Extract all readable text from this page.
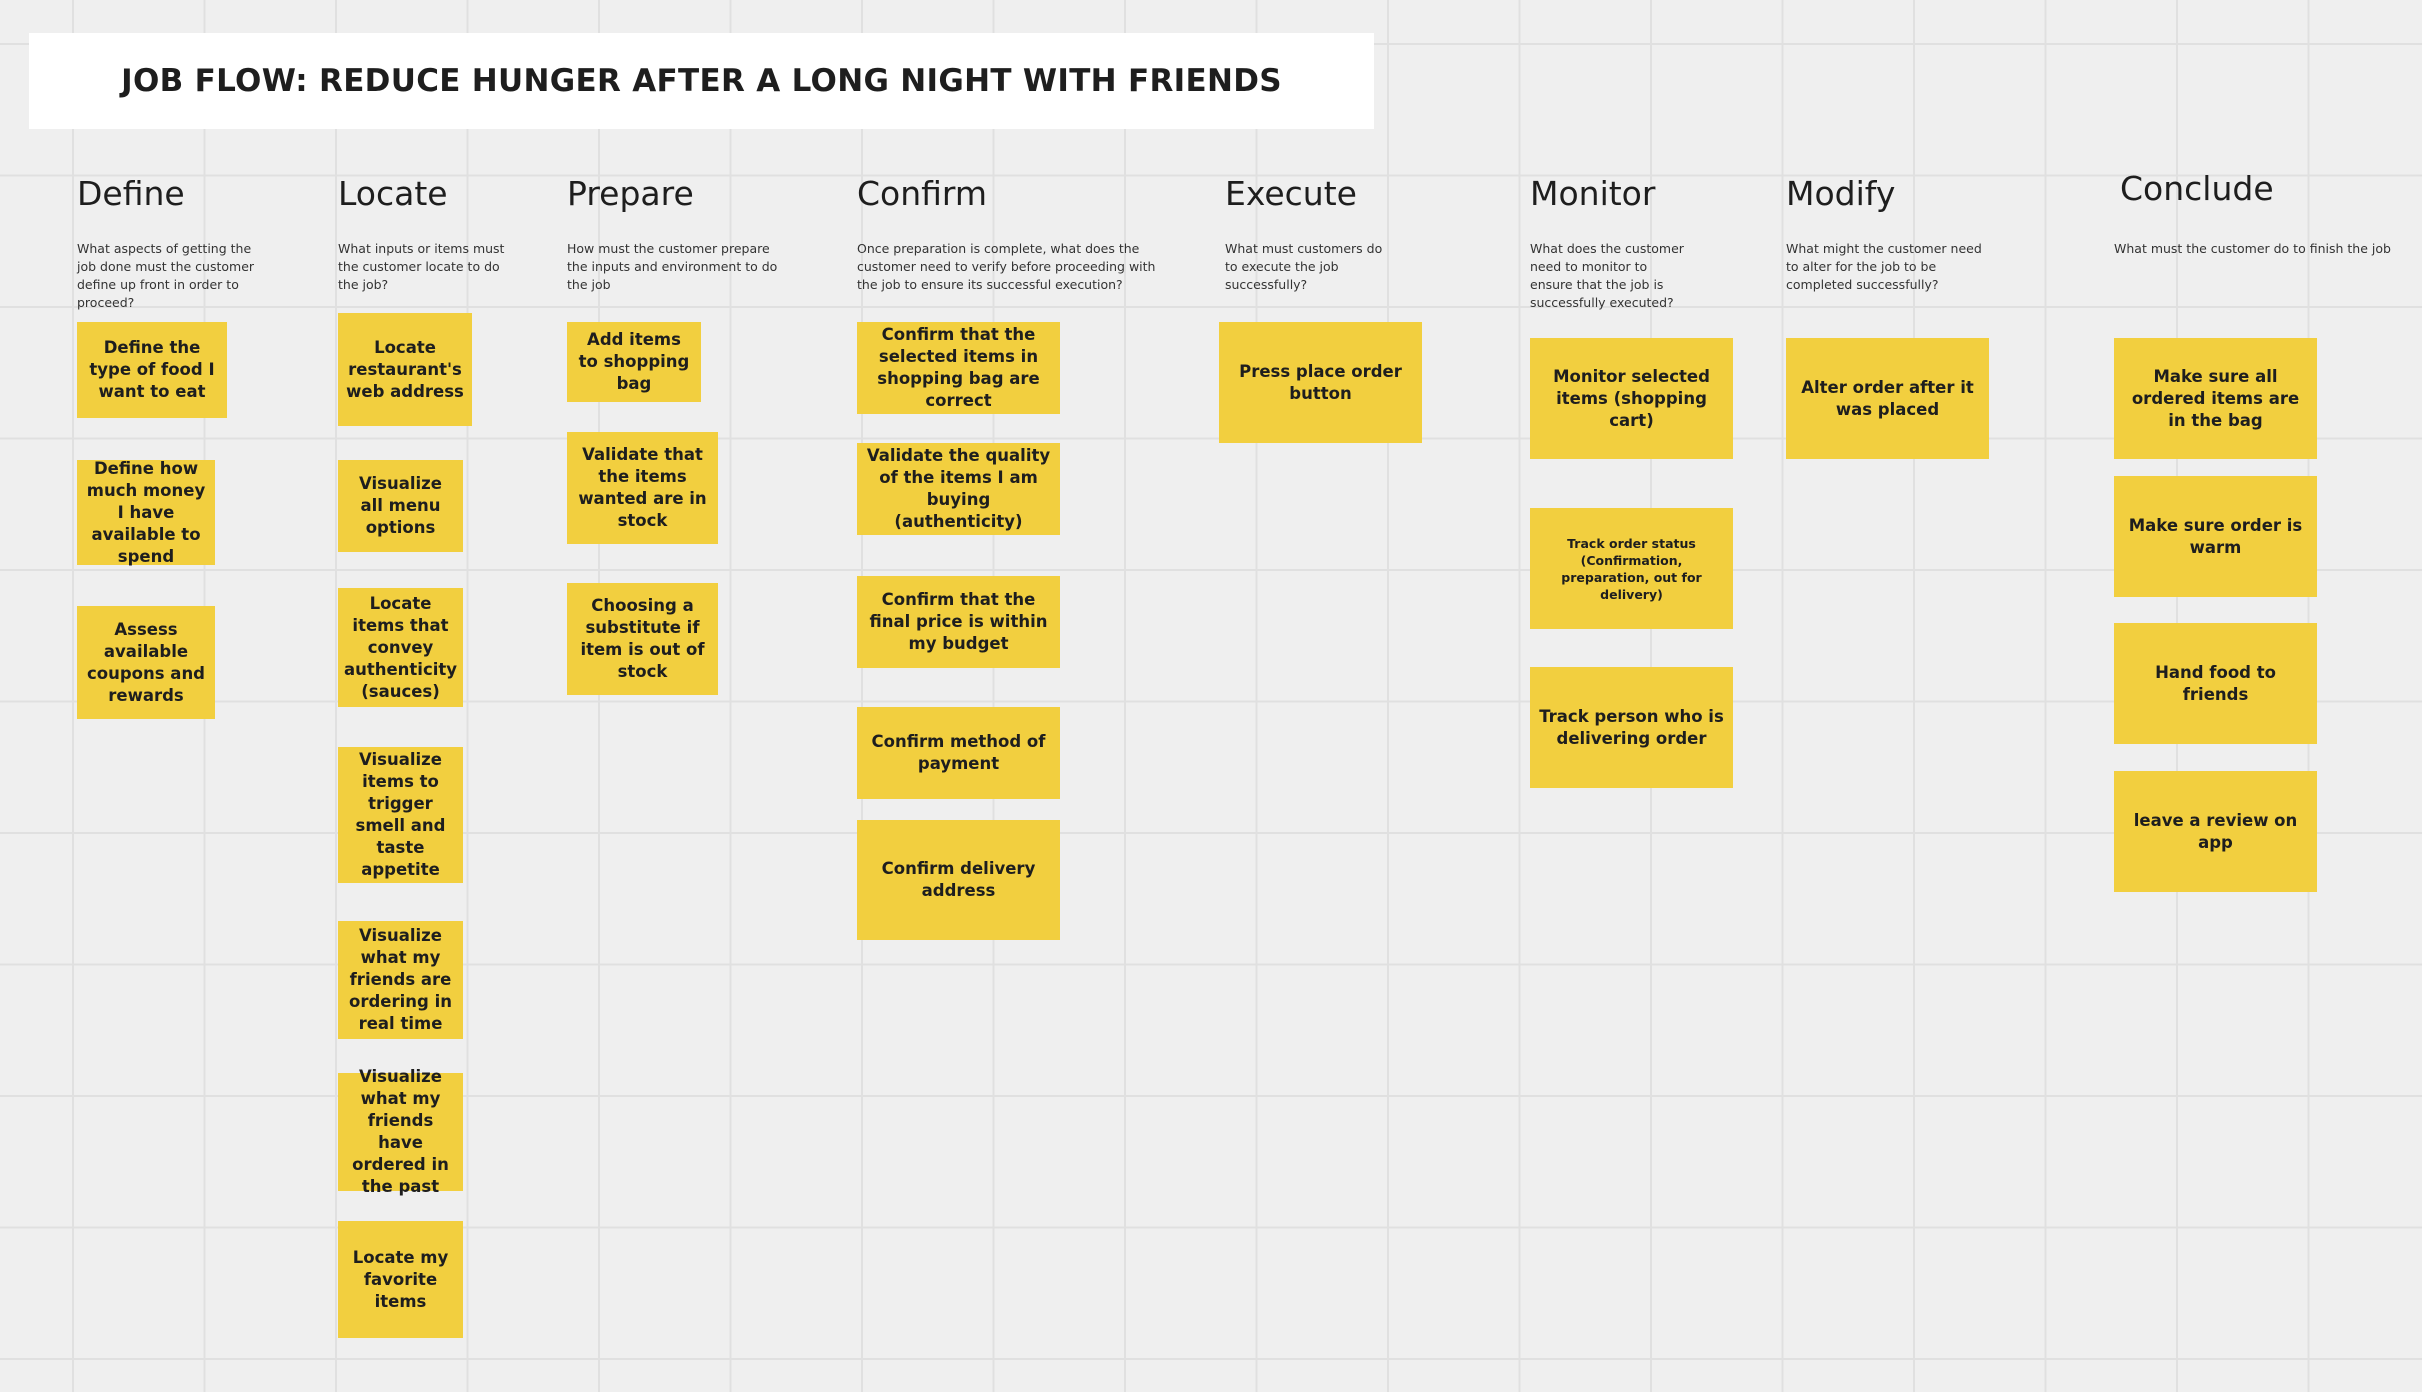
JOB FLOW: REDUCE HUNGER AFTER A LONG NIGHT WITH FRIENDS
Define
What aspects of getting the job done must the customer define up front in order to proceed?
Define the type of food I want to eat
Define how much money I have available to spend
Assess available coupons and rewards
Locate
What inputs or items must the customer locate to do the job?
Locate restaurant's web address
Visualize all menu options
Locate items that convey authenticity (sauces)
Visualize items to trigger smell and taste appetite
Visualize what my friends are ordering in real time
Visualize what my friends have ordered in the past
Locate my favorite items
Prepare
How must the customer prepare the inputs and environment to do the job
Add items to shopping bag
Validate that the items wanted are in stock
Choosing a substitute if item is out of stock
Confirm
Once preparation is complete, what does the customer need to verify before proceeding with the job to ensure its successful execution?
Confirm that the selected items in shopping bag are correct
Validate the quality of the items I am buying (authenticity)
Confirm that the final price is within my budget
Confirm method of payment
Confirm delivery address
Execute
What must customers do to execute the job successfully?
Press place order button
Monitor
What does the customer need to monitor to ensure that the job is successfully executed?
Monitor selected items (shopping cart)
Track order status (Confirmation, preparation, out for delivery)
Track person who is delivering order
Modify
What might the customer need to alter for the job to be completed successfully?
Alter order after it was placed
Conclude
What must the customer do to finish the job
Make sure all ordered items are in the bag
Make sure order is warm
Hand food to friends
leave a review on app
